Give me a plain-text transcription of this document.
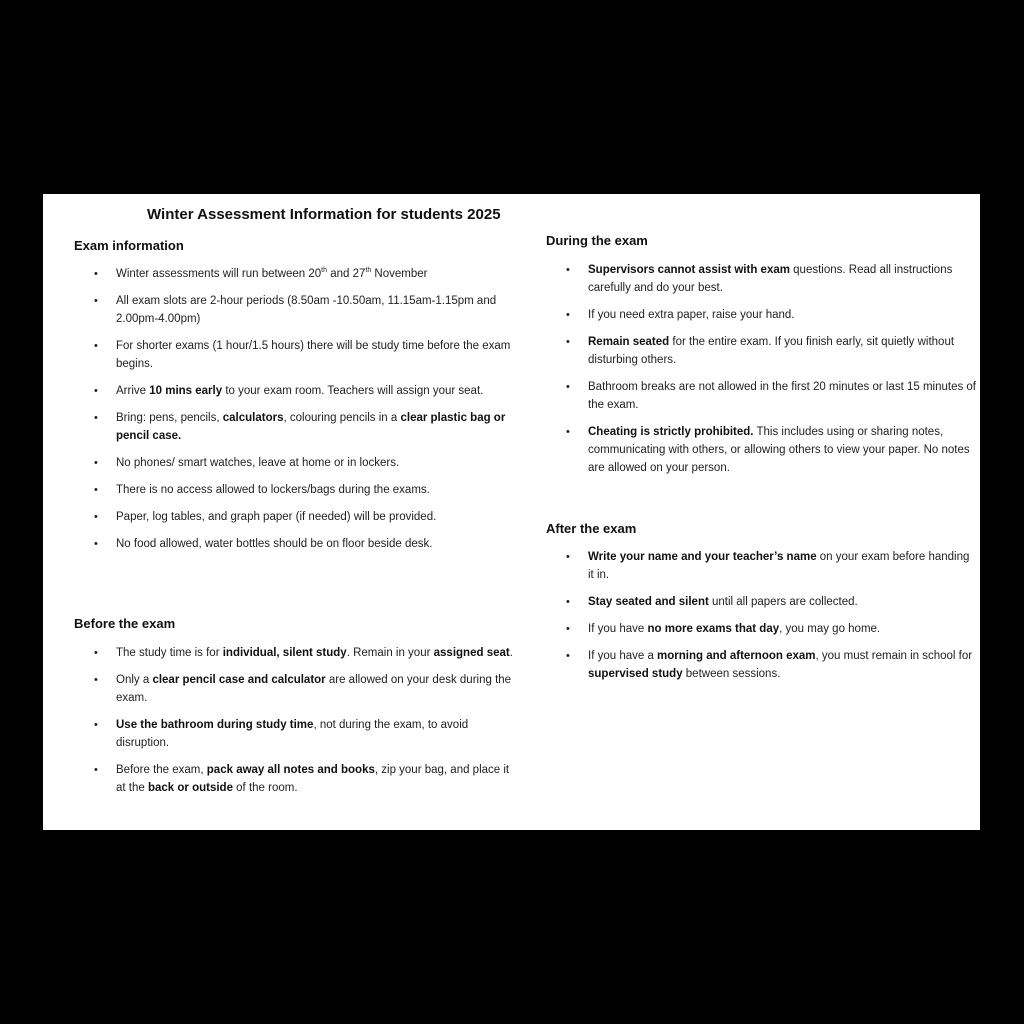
Winter Assessment Information for students 2025
Exam information
• Winter assessments will run between 20th and 27th November
• All exam slots are 2-hour periods (8.50am -10.50am, 11.15am-1.15pm and 2.00pm-4.00pm)
• For shorter exams (1 hour/1.5 hours) there will be study time before the exam begins.
• Arrive 10 mins early to your exam room. Teachers will assign your seat.
• Bring: pens, pencils, calculators, colouring pencils in a clear plastic bag or pencil case.
• No phones/ smart watches, leave at home or in lockers.
• There is no access allowed to lockers/bags during the exams.
• Paper, log tables, and graph paper (if needed) will be provided.
• No food allowed, water bottles should be on floor beside desk.
Before the exam
• The study time is for individual, silent study. Remain in your assigned seat.
• Only a clear pencil case and calculator are allowed on your desk during the exam.
• Use the bathroom during study time, not during the exam, to avoid disruption.
• Before the exam, pack away all notes and books, zip your bag, and place it at the back or outside of the room.
During the exam
• Supervisors cannot assist with exam questions. Read all instructions carefully and do your best.
• If you need extra paper, raise your hand.
• Remain seated for the entire exam. If you finish early, sit quietly without disturbing others.
• Bathroom breaks are not allowed in the first 20 minutes or last 15 minutes of the exam.
• Cheating is strictly prohibited. This includes using or sharing notes, communicating with others, or allowing others to view your paper. No notes are allowed on your person.
After the exam
• Write your name and your teacher’s name on your exam before handing it in.
• Stay seated and silent until all papers are collected.
• If you have no more exams that day, you may go home.
• If you have a morning and afternoon exam, you must remain in school for supervised study between sessions.
